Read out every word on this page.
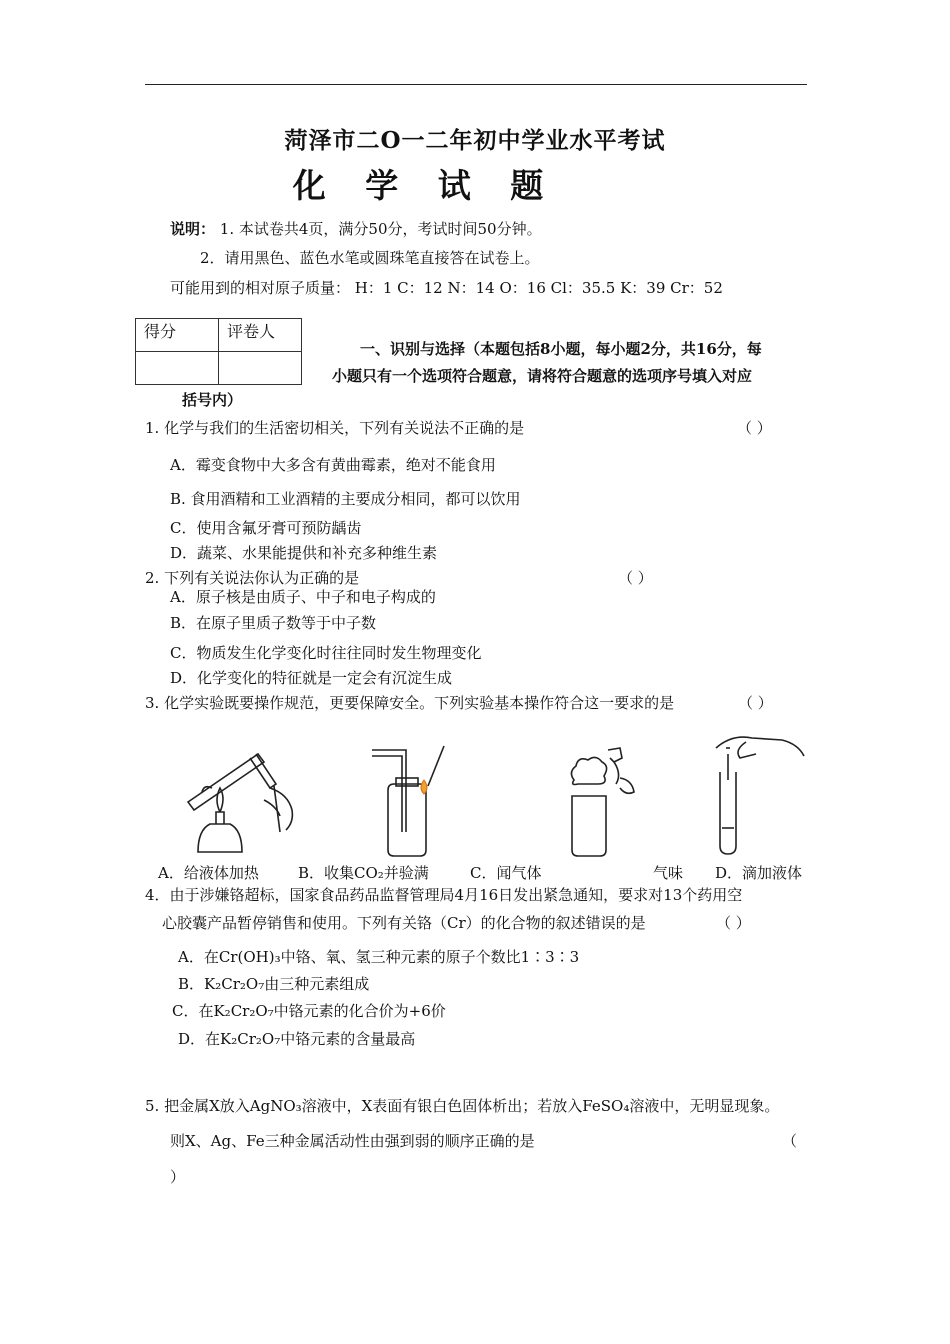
菏泽市二O一二年初中学业水平考试
化 学 试 题
说明： 1. 本试卷共4页，满分50分，考试时间50分钟。
2．请用黑色、蓝色水笔或圆珠笔直接答在试卷上。
可能用到的相对原子质量： H：1 C：12 N：14 O：16 Cl：35.5 K：39 Cr：52
得分	评卷人

一、识别与选择（本题包括8小题，每小题2分，共16分，每
小题只有一个选项符合题意，请将符合题意的选项序号填入对应
括号内）
1. 化学与我们的生活密切相关，下列有关说法不正确的是	（ ）
A．霉变食物中大多含有黄曲霉素，绝对不能食用
B. 食用酒精和工业酒精的主要成分相同，都可以饮用
C．使用含氟牙膏可预防龋齿
D．蔬菜、水果能提供和补充多种维生素
2. 下列有关说法你认为正确的是	（ ）
A．原子核是由质子、中子和电子构成的
B．在原子里质子数等于中子数
C．物质发生化学变化时往往同时发生物理变化
D．化学变化的特征就是一定会有沉淀生成
3. 化学实验既要操作规范，更要保障安全。下列实验基本操作符合这一要求的是	（ ）
A．给液体加热	B．收集CO₂并验满	C．闻气体	气味 D．滴加液体
4．由于涉嫌铬超标，国家食品药品监督管理局4月16日发出紧急通知，要求对13个药用空
心胶囊产品暂停销售和使用。下列有关铬（Cr）的化合物的叙述错误的是	（ ）
A．在Cr(OH)₃中铬、氧、氢三种元素的原子个数比1∶3∶3
B．K₂Cr₂O₇由三种元素组成
C．在K₂Cr₂O₇中铬元素的化合价为+6价
D．在K₂Cr₂O₇中铬元素的含量最高
5. 把金属X放入AgNO₃溶液中，X表面有银白色固体析出；若放入FeSO₄溶液中，无明显现象。
则X、Ag、Fe三种金属活动性由强到弱的顺序正确的是	（
）
